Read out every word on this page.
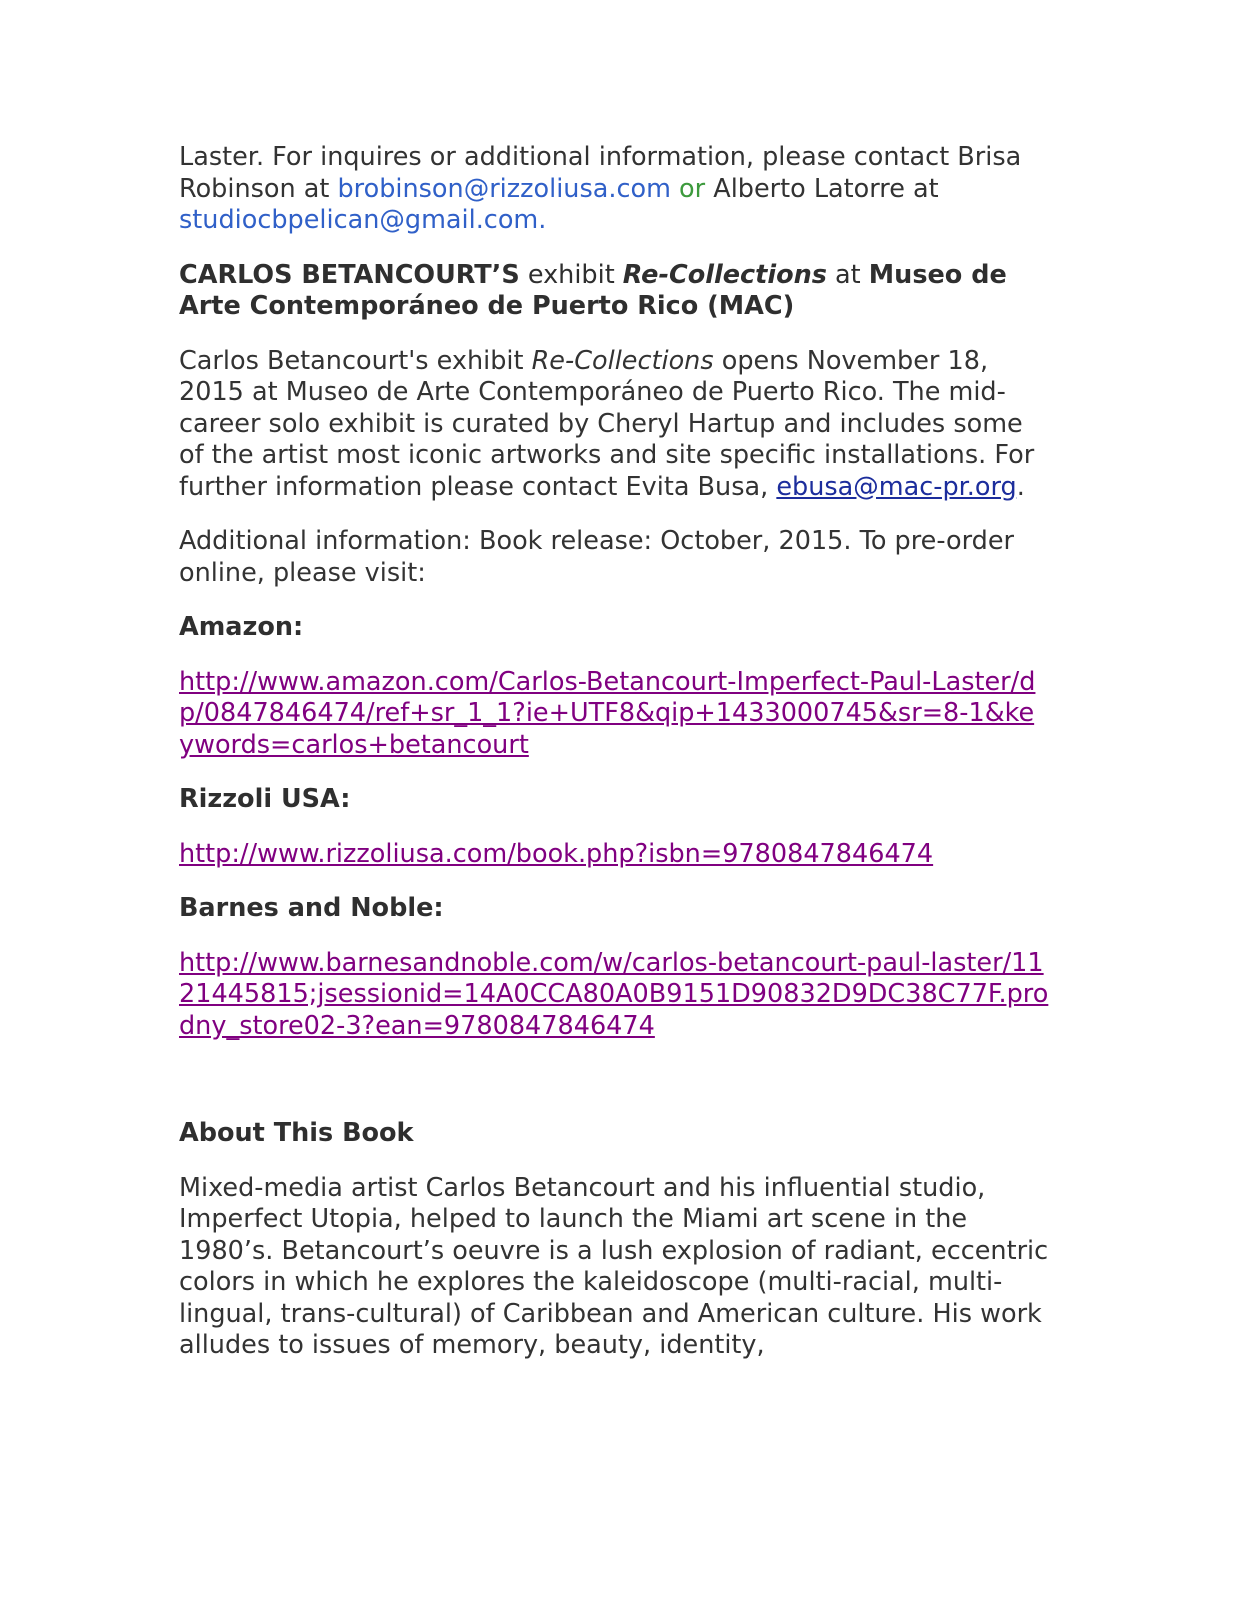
Laster. For inquires or additional information, please contact Brisa Robinson at brobinson@rizzoliusa.com or Alberto Latorre at studiocbpelican@gmail.com.

CARLOS BETANCOURT’S exhibit Re-Collections at Museo de Arte Contemporáneo de Puerto Rico (MAC)

Carlos Betancourt's exhibit Re-Collections opens November 18, 2015 at Museo de Arte Contemporáneo de Puerto Rico. The mid-career solo exhibit is curated by Cheryl Hartup and includes some of the artist most iconic artworks and site specific installations. For further information please contact Evita Busa, ebusa@mac-pr.org.

Additional information: Book release: October, 2015. To pre-order online, please visit:

Amazon:

http://www.amazon.com/Carlos-Betancourt-Imperfect-Paul-Laster/dp/0847846474/ref+sr_1_1?ie+UTF8&qip+1433000745&sr=8-1&keywords=carlos+betancourt

Rizzoli USA:

http://www.rizzoliusa.com/book.php?isbn=9780847846474

Barnes and Noble:

http://www.barnesandnoble.com/w/carlos-betancourt-paul-laster/1121445815;jsessionid=14A0CCA80A0B9151D90832D9DC38C77F.prodny_store02-3?ean=9780847846474

About This Book

Mixed-media artist Carlos Betancourt and his influential studio, Imperfect Utopia, helped to launch the Miami art scene in the 1980’s. Betancourt’s oeuvre is a lush explosion of radiant, eccentric colors in which he explores the kaleidoscope (multi-racial, multi-lingual, trans-cultural) of Caribbean and American culture. His work alludes to issues of memory, beauty, identity,
